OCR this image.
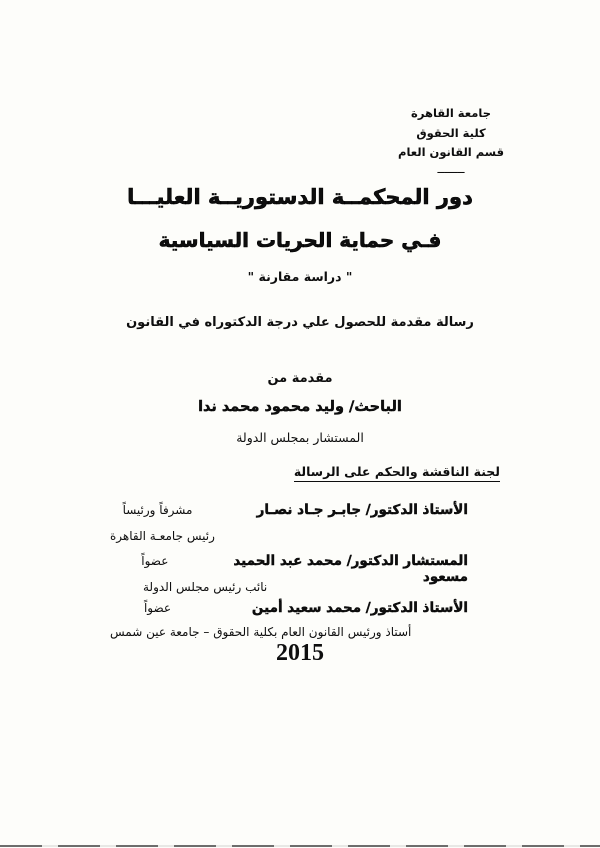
جامعة القاهرة
كلية الحقوق
قسم القانون العام
ــــــــ
دور المحكمــة الدستوريــة العليـــا
فـي حماية الحريات السياسية
" دراسة مقارنة "
رسالة مقدمة للحصول علي درجة الدكتوراه في القانون
مقدمة من
الباحث/ وليد محمود محمد ندا
المستشار بمجلس الدولة
لجنة الناقشة والحكم على الرسالة
الأستاذ الدكتور/ جابـر جـاد نصـار
مشرفاً ورئيساً
رئيس جامعـة القاهرة
المستشار الدكتور/ محمد عبد الحميد مسعود
عضواً
نائب رئيس مجلس الدولة
الأستاذ الدكتور/ محمد سعيد أمين
عضواً
أستاذ ورئيس القانون العام بكلية الحقوق – جامعة عين شمس
2015
